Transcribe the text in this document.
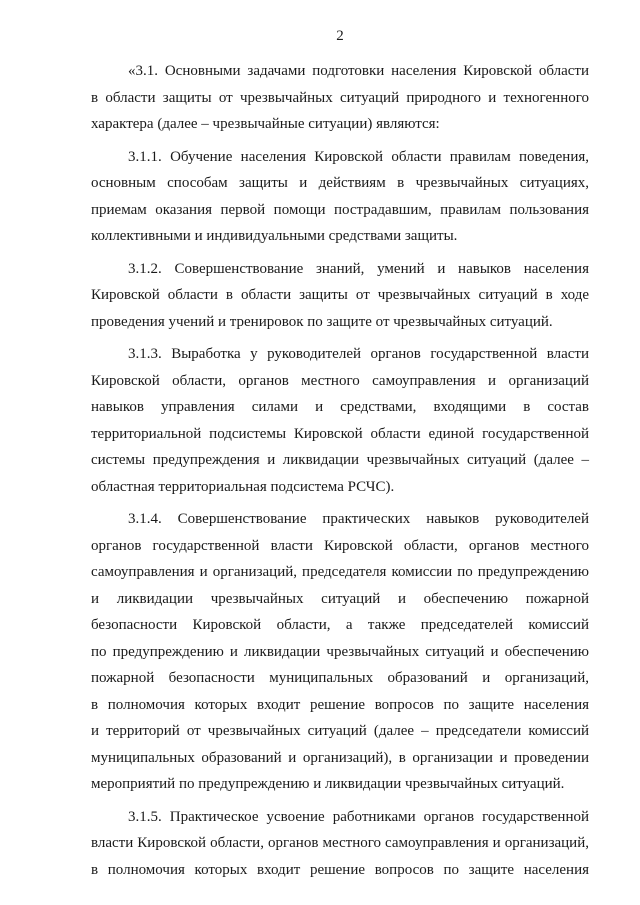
2

«3.1. Основными задачами подготовки населения Кировской области
в области защиты от чрезвычайных ситуаций природного и техногенного
характера (далее – чрезвычайные ситуации) являются:

3.1.1. Обучение населения Кировской области правилам поведения,
основным способам защиты и действиям в чрезвычайных ситуациях,
приемам оказания первой помощи пострадавшим, правилам пользования
коллективными и индивидуальными средствами защиты.

3.1.2. Совершенствование знаний, умений и навыков населения
Кировской области в области защиты от чрезвычайных ситуаций в ходе
проведения учений и тренировок по защите от чрезвычайных ситуаций.

3.1.3. Выработка у руководителей органов государственной власти
Кировской области, органов местного самоуправления и организаций
навыков управления силами и средствами, входящими в состав
территориальной подсистемы Кировской области единой государственной
системы предупреждения и ликвидации чрезвычайных ситуаций (далее –
областная территориальная подсистема РСЧС).

3.1.4. Совершенствование практических навыков руководителей
органов государственной власти Кировской области, органов местного
самоуправления и организаций, председателя комиссии по предупреждению
и ликвидации чрезвычайных ситуаций и обеспечению пожарной
безопасности Кировской области, а также председателей комиссий
по предупреждению и ликвидации чрезвычайных ситуаций и обеспечению
пожарной безопасности муниципальных образований и организаций,
в полномочия которых входит решение вопросов по защите населения
и территорий от чрезвычайных ситуаций (далее – председатели комиссий
муниципальных образований и организаций), в организации и проведении
мероприятий по предупреждению и ликвидации чрезвычайных ситуаций.

3.1.5. Практическое усвоение работниками органов государственной
власти Кировской области, органов местного самоуправления и организаций,
в полномочия которых входит решение вопросов по защите населения
